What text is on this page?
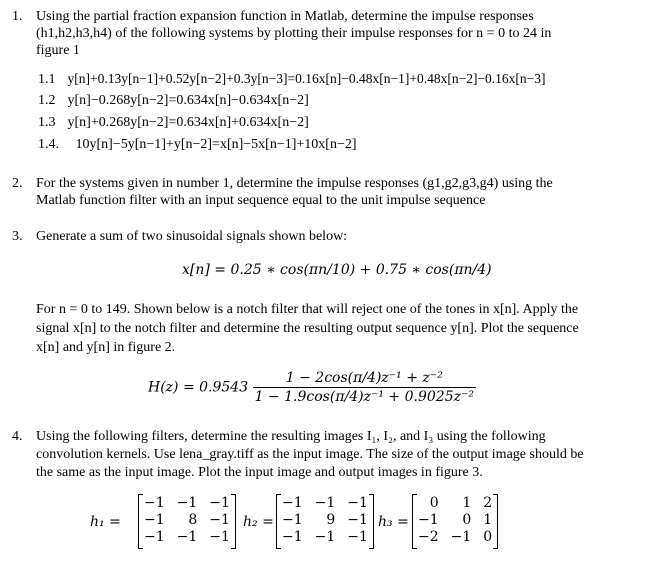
1. Using the partial fraction expansion function in Matlab, determine the impulse responses
(h1,h2,h3,h4) of the following systems by plotting their impulse responses for n = 0 to 24 in
figure 1
1.1 y[n]+0.13y[n−1]+0.52y[n−2]+0.3y[n−3]=0.16x[n]−0.48x[n−1]+0.48x[n−2]−0.16x[n−3]
1.2 y[n]−0.268y[n−2]=0.634x[n]−0.634x[n−2]
1.3 y[n]+0.268y[n−2]=0.634x[n]+0.634x[n−2]
1.4. 10y[n]−5y[n−1]+y[n−2]=x[n]−5x[n−1]+10x[n−2]
2. For the systems given in number 1, determine the impulse responses (g1,g2,g3,g4) using the
Matlab function filter with an input sequence equal to the unit impulse sequence
3. Generate a sum of two sinusoidal signals shown below:
x[n] = 0.25 ∗ cos(πn/10) + 0.75 ∗ cos(πn/4)
For n = 0 to 149. Shown below is a notch filter that will reject one of the tones in x[n]. Apply the
signal x[n] to the notch filter and determine the resulting output sequence y[n]. Plot the sequence
x[n] and y[n] in figure 2.
$H(z) = 0.9543 \frac{\text{1 − 2cos(π/4)z⁻¹ + z⁻²}}{\text{1 − 1.9cos(π/4)z⁻¹ + 0.9025z⁻²}}$
4. Using the following filters, determine the resulting images I₁, I₂, and I₃ using the following
convolution kernels. Use lena_gray.tiff as the input image. The size of the output image should be
the same as the input image. Plot the input image and output images in figure 3.
h₁ =
−1	−1	−1
−1	8	−1
−1	−1	−1
h₂ =
−1	−1	−1
−1	9	−1
−1	−1	−1
h₃ =
0	1	2
−1	0	1
−2	−1	0
